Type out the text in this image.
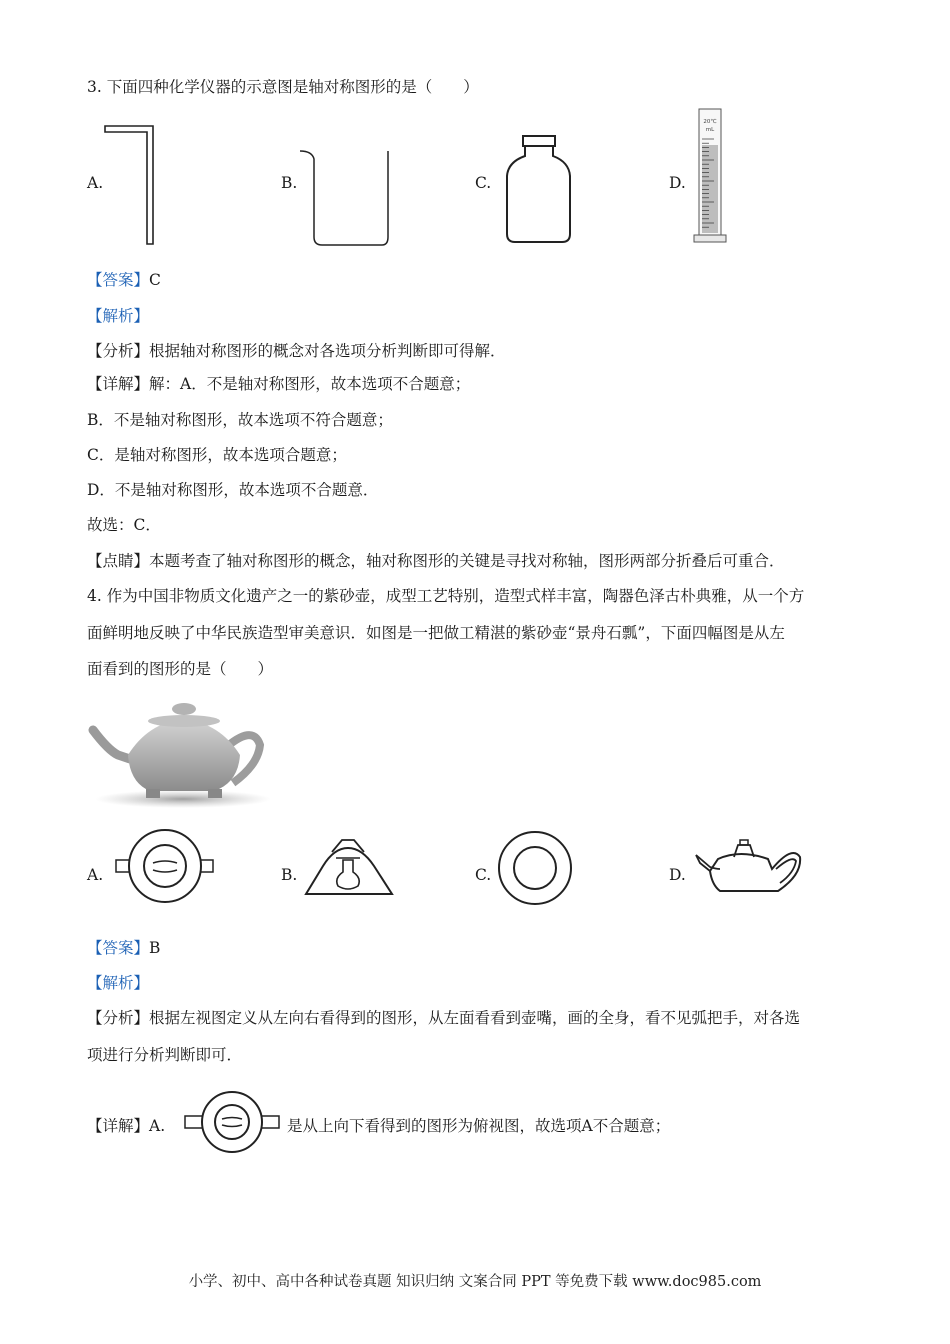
3. 下面四种化学仪器的示意图是轴对称图形的是（　　）
A.	B.	C.	D.
20℃
mL
【答案】C
【解析】
【分析】根据轴对称图形的概念对各选项分析判断即可得解．
【详解】解：A．不是轴对称图形，故本选项不合题意；
B．不是轴对称图形，故本选项不符合题意；
C．是轴对称图形，故本选项合题意；
D．不是轴对称图形，故本选项不合题意．
故选：C．
【点睛】本题考查了轴对称图形的概念，轴对称图形的关键是寻找对称轴，图形两部分折叠后可重合．
4. 作为中国非物质文化遗产之一的紫砂壶，成型工艺特别，造型式样丰富，陶器色泽古朴典雅，从一个方
面鲜明地反映了中华民族造型审美意识．如图是一把做工精湛的紫砂壶“景舟石瓢”，下面四幅图是从左
面看到的图形的是（　　）
A.	B.	C.	D.
【答案】B
【解析】
【分析】根据左视图定义从左向右看得到的图形，从左面看看到壶嘴，画的全身，看不见弧把手，对各选
项进行分析判断即可．
【详解】A.	是从上向下看得到的图形为俯视图，故选项A不合题意；
小学、初中、高中各种试卷真题 知识归纳 文案合同 PPT 等免费下载 www.doc985.com
